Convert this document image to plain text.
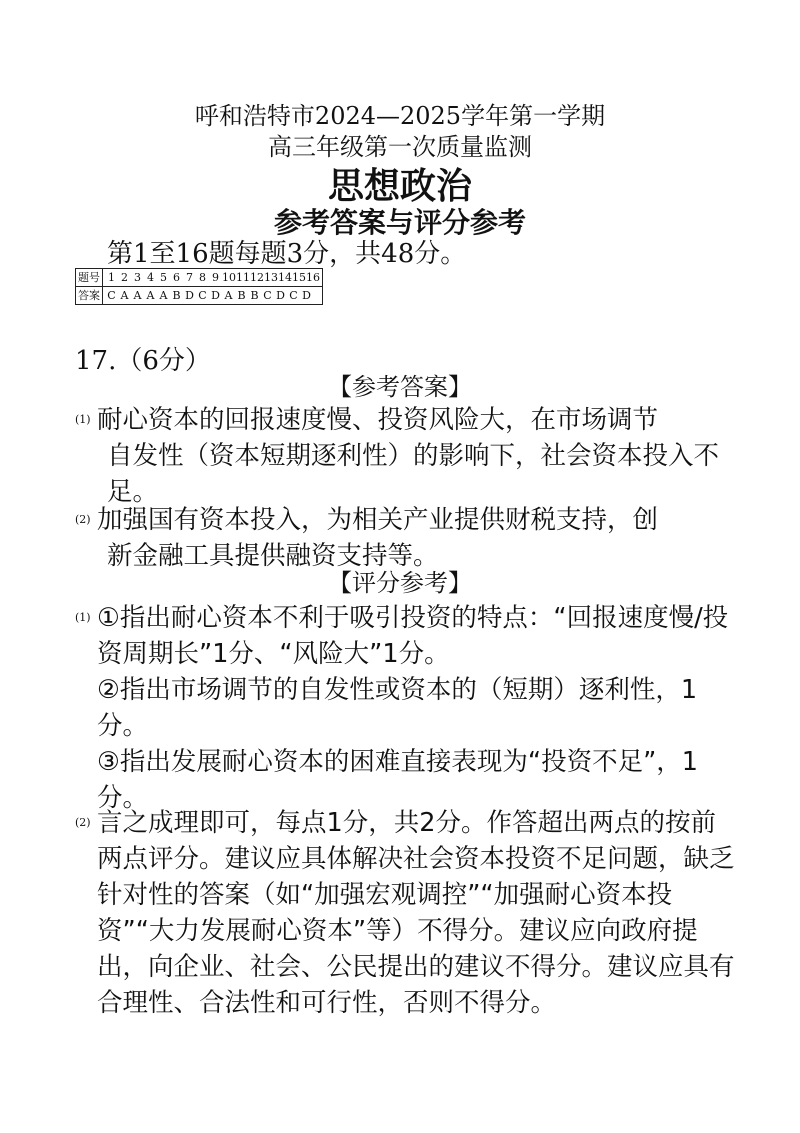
呼和浩特市2024—2025学年第一学期
高三年级第一次质量监测
思想政治
参考答案与评分参考
第1至16题每题3分，共48分。
题号	1 2 3 4 5 6 7 8 9 10111213141516
答案	C A A A A B D C D A B B C D C D
17.（6分）
【参考答案】
(1) 耐心资本的回报速度慢、投资风险大，在市场调节
自发性（资本短期逐利性）的影响下，社会资本投入不足。
(2) 加强国有资本投入，为相关产业提供财税支持，创
新金融工具提供融资支持等。
【评分参考】
(1) ①指出耐心资本不利于吸引投资的特点：“回报速度慢/投资周期长”1分、“风险大”1分。
②指出市场调节的自发性或资本的（短期）逐利性，1分。
③指出发展耐心资本的困难直接表现为“投资不足”，1分。
(2) 言之成理即可，每点1分，共2分。作答超出两点的按前两点评分。建议应具体解决社会资本投资不足问题，缺乏针对性的答案（如“加强宏观调控”“加强耐心资本投资”“大力发展耐心资本”等）不得分。建议应向政府提出，向企业、社会、公民提出的建议不得分。建议应具有合理性、合法性和可行性，否则不得分。
